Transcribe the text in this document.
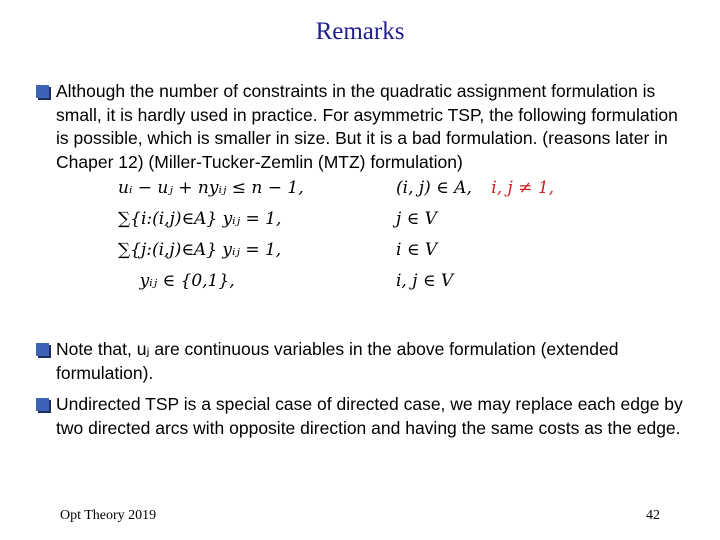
Remarks
Although the number of constraints in the quadratic assignment formulation is small, it is hardly used in practice. For asymmetric TSP, the following formulation is possible, which is smaller in size. But it is a bad formulation. (reasons later in Chaper 12) (Miller-Tucker-Zemlin (MTZ) formulation)
uᵢ − uⱼ + nyᵢⱼ ≤ n − 1,	(i, j) ∈ A, i, j ≠ 1,
∑{i:(i,j)∈A} yᵢⱼ = 1,	j ∈ V
∑{j:(i,j)∈A} yᵢⱼ = 1,	i ∈ V
yᵢⱼ ∈ {0,1},	i, j ∈ V
Note that, uⱼ are continuous variables in the above formulation (extended formulation).
Undirected TSP is a special case of directed case, we may replace each edge by two directed arcs with opposite direction and having the same costs as the edge.
Opt Theory 2019	42
